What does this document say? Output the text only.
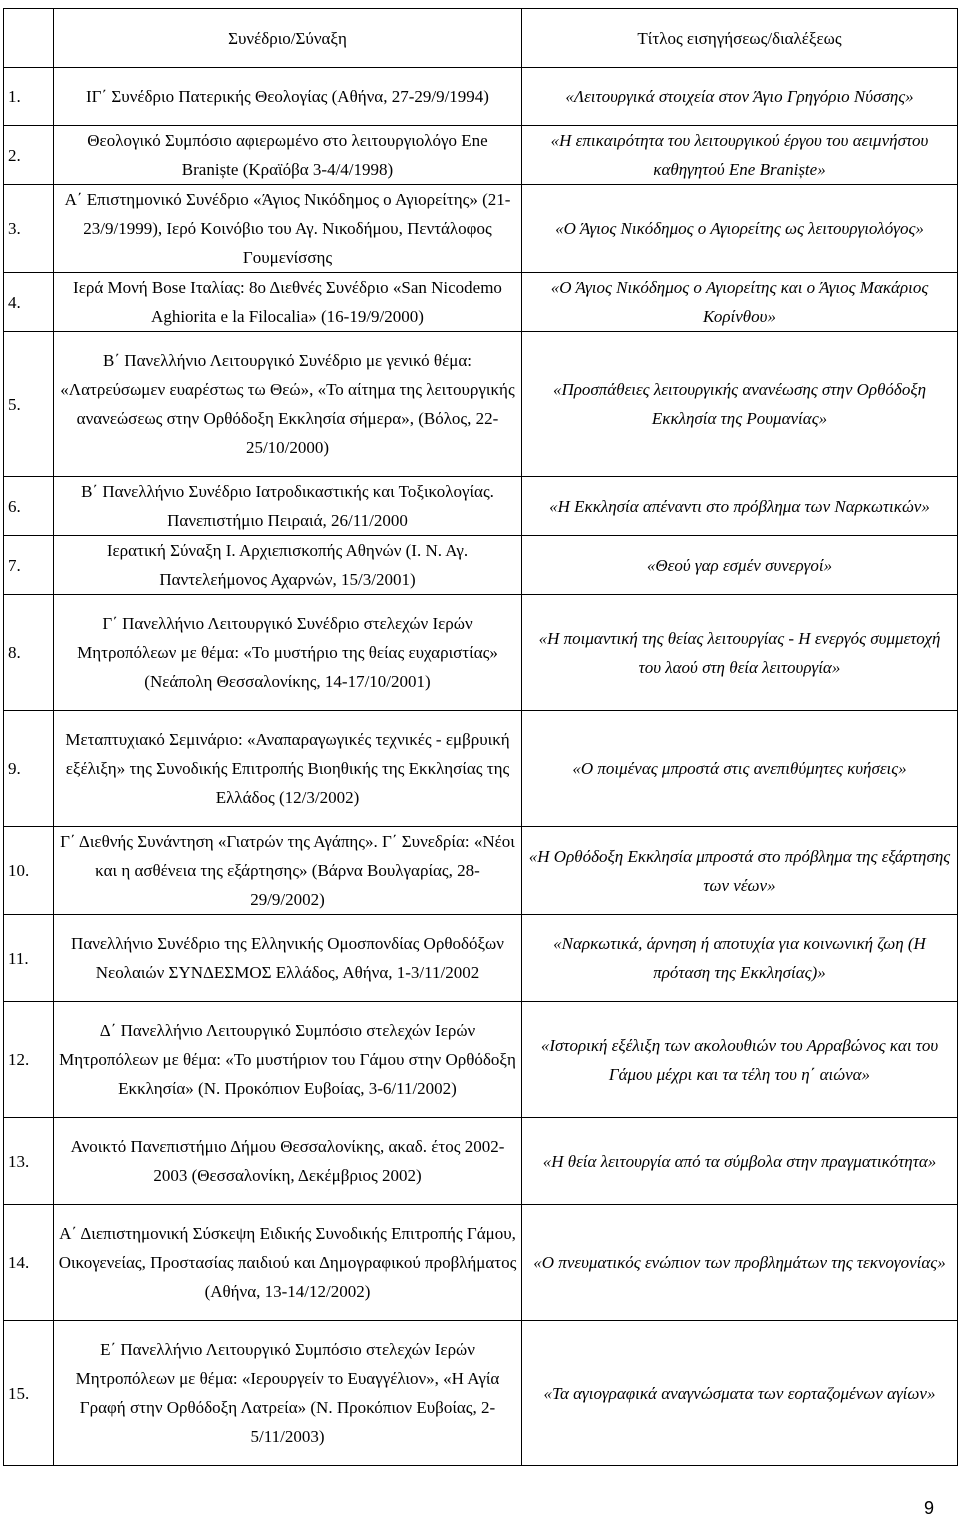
	Συνέδριο/Σύναξη	Τίτλος εισηγήσεως/διαλέξεως
1.	ΙΓ΄ Συνέδριο Πατερικής Θεολογίας (Αθήνα, 27-29/9/1994)	«Λειτουργικά στοιχεία στον Άγιο Γρηγόριο Νύσσης»
2.	Θεολογικό Συμπόσιο αφιερωμένο στο λειτουργιολόγο Ene Braniște (Κραϊόβα 3-4/4/1998)	«Η επικαιρότητα του λειτουργικού έργου του αειμνήστου καθηγητού Ene Braniște»
3.	Α΄ Επιστημονικό Συνέδριο «Άγιος Νικόδημος ο Αγιορείτης» (21-23/9/1999), Ιερό Κοινόβιο του Αγ. Νικοδήμου, Πεντάλοφος Γουμενίσσης	«Ο Άγιος Νικόδημος ο Αγιορείτης ως λειτουργιολόγος»
4.	Ιερά Μονή Bose Ιταλίας: 8ο Διεθνές Συνέδριο «San Nicodemo Aghiorita e la Filocalia» (16-19/9/2000)	«Ο Άγιος Νικόδημος ο Αγιορείτης και ο Άγιος Μακάριος Κορίνθου»
5.	Β΄ Πανελλήνιο Λειτουργικό Συνέδριο με γενικό θέμα: «Λατρεύσωμεν ευαρέστως τω Θεώ», «Το αίτημα της λειτουργικής ανανεώσεως στην Ορθόδοξη Εκκλησία σήμερα», (Βόλος, 22-25/10/2000)	«Προσπάθειες λειτουργικής ανανέωσης στην Ορθόδοξη Εκκλησία της Ρουμανίας»
6.	Β΄ Πανελλήνιο Συνέδριο Ιατροδικαστικής και Τοξικολογίας. Πανεπιστήμιο Πειραιά, 26/11/2000	«Η Εκκλησία απέναντι στο πρόβλημα των Ναρκωτικών»
7.	Ιερατική Σύναξη Ι. Αρχιεπισκοπής Αθηνών (Ι. Ν. Αγ. Παντελεήμονος Αχαρνών, 15/3/2001)	«Θεού γαρ εσμέν συνεργοί»
8.	Γ΄ Πανελλήνιο Λειτουργικό Συνέδριο στελεχών Ιερών Μητροπόλεων με θέμα: «Το μυστήριο της θείας ευχαριστίας» (Νεάπολη Θεσσαλονίκης, 14-17/10/2001)	«Η ποιμαντική της θείας λειτουργίας - Η ενεργός συμμετοχή του λαού στη θεία λειτουργία»
9.	Μεταπτυχιακό Σεμινάριο: «Αναπαραγωγικές τεχνικές - εμβρυική εξέλιξη» της Συνοδικής Επιτροπής Βιοηθικής της Εκκλησίας της Ελλάδος (12/3/2002)	«Ο ποιμένας μπροστά στις ανεπιθύμητες κυήσεις»
10.	Γ΄ Διεθνής Συνάντηση «Γιατρών της Αγάπης». Γ΄ Συνεδρία: «Νέοι και η ασθένεια της εξάρτησης» (Βάρνα Βουλγαρίας, 28-29/9/2002)	«Η Ορθόδοξη Εκκλησία μπροστά στο πρόβλημα της εξάρτησης των νέων»
11.	Πανελλήνιο Συνέδριο της Ελληνικής Ομοσπονδίας Ορθοδόξων Νεολαιών ΣΥΝΔΕΣΜΟΣ Ελλάδος, Αθήνα, 1-3/11/2002	«Ναρκωτικά, άρνηση ή αποτυχία για κοινωνική ζωη (Η πρόταση της Εκκλησίας)»
12.	Δ΄ Πανελλήνιο Λειτουργικό Συμπόσιο στελεχών Ιερών Μητροπόλεων με θέμα: «Το μυστήριον του Γάμου στην Ορθόδοξη Εκκλησία» (Ν. Προκόπιον Ευβοίας, 3-6/11/2002)	«Ιστορική εξέλιξη των ακολουθιών του Αρραβώνος και του Γάμου μέχρι και τα τέλη του η΄ αιώνα»
13.	Ανοικτό Πανεπιστήμιο Δήμου Θεσσαλονίκης, ακαδ. έτος 2002-2003 (Θεσσαλονίκη, Δεκέμβριος 2002)	«Η θεία λειτουργία από τα σύμβολα στην πραγματικότητα»
14.	Α΄ Διεπιστημονική Σύσκεψη Ειδικής Συνοδικής Επιτροπής Γάμου, Οικογενείας, Προστασίας παιδιού και Δημογραφικού προβλήματος (Αθήνα, 13-14/12/2002)	«Ο πνευματικός ενώπιον των προβλημάτων της τεκνογονίας»
15.	Ε΄ Πανελλήνιο Λειτουργικό Συμπόσιο στελεχών Ιερών Μητροπόλεων με θέμα: «Ιερουργείν το Ευαγγέλιον», «Η Αγία Γραφή στην Ορθόδοξη Λατρεία» (Ν. Προκόπιον Ευβοίας, 2-5/11/2003)	«Τα αγιογραφικά αναγνώσματα των εορταζομένων αγίων»
9
